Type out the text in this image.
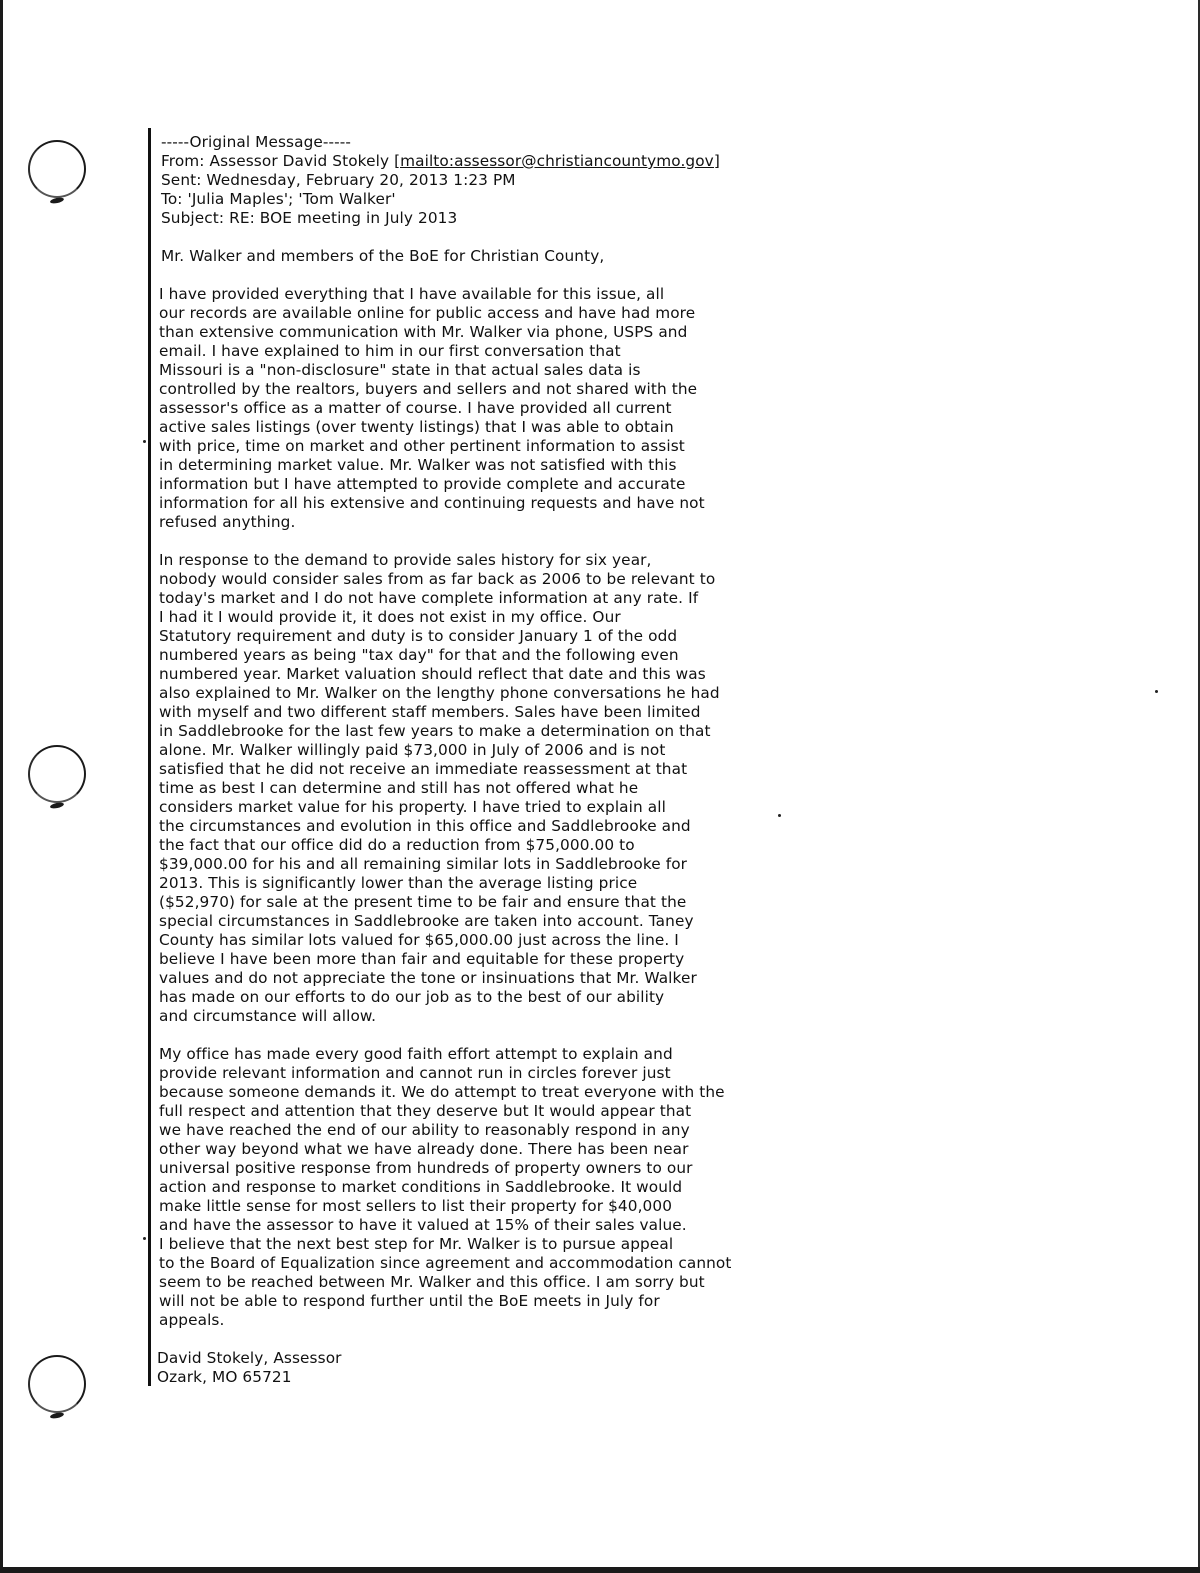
-----Original Message-----
From: Assessor David Stokely [mailto:assessor@christiancountymo.gov]
Sent: Wednesday, February 20, 2013 1:23 PM
To: 'Julia Maples'; 'Tom Walker'
Subject: RE: BOE meeting in July 2013
Mr. Walker and members of the BoE for Christian County,
I have provided everything that I have available for this issue, all
our records are available online for public access and have had more
than extensive communication with Mr. Walker via phone, USPS and
email. I have explained to him in our first conversation that
Missouri is a "non-disclosure" state in that actual sales data is
controlled by the realtors, buyers and sellers and not shared with the
assessor's office as a matter of course. I have provided all current
active sales listings (over twenty listings) that I was able to obtain
with price, time on market and other pertinent information to assist
in determining market value. Mr. Walker was not satisfied with this
information but I have attempted to provide complete and accurate
information for all his extensive and continuing requests and have not
refused anything.
In response to the demand to provide sales history for six year,
nobody would consider sales from as far back as 2006 to be relevant to
today's market and I do not have complete information at any rate. If
I had it I would provide it, it does not exist in my office. Our
Statutory requirement and duty is to consider January 1 of the odd
numbered years as being "tax day" for that and the following even
numbered year. Market valuation should reflect that date and this was
also explained to Mr. Walker on the lengthy phone conversations he had
with myself and two different staff members. Sales have been limited
in Saddlebrooke for the last few years to make a determination on that
alone. Mr. Walker willingly paid $73,000 in July of 2006 and is not
satisfied that he did not receive an immediate reassessment at that
time as best I can determine and still has not offered what he
considers market value for his property. I have tried to explain all
the circumstances and evolution in this office and Saddlebrooke and
the fact that our office did do a reduction from $75,000.00 to
$39,000.00 for his and all remaining similar lots in Saddlebrooke for
2013. This is significantly lower than the average listing price
($52,970) for sale at the present time to be fair and ensure that the
special circumstances in Saddlebrooke are taken into account. Taney
County has similar lots valued for $65,000.00 just across the line. I
believe I have been more than fair and equitable for these property
values and do not appreciate the tone or insinuations that Mr. Walker
has made on our efforts to do our job as to the best of our ability
and circumstance will allow.
My office has made every good faith effort attempt to explain and
provide relevant information and cannot run in circles forever just
because someone demands it. We do attempt to treat everyone with the
full respect and attention that they deserve but It would appear that
we have reached the end of our ability to reasonably respond in any
other way beyond what we have already done. There has been near
universal positive response from hundreds of property owners to our
action and response to market conditions in Saddlebrooke. It would
make little sense for most sellers to list their property for $40,000
and have the assessor to have it valued at 15% of their sales value.
I believe that the next best step for Mr. Walker is to pursue appeal
to the Board of Equalization since agreement and accommodation cannot
seem to be reached between Mr. Walker and this office. I am sorry but
will not be able to respond further until the BoE meets in July for
appeals.
David Stokely, Assessor
Ozark, MO 65721
